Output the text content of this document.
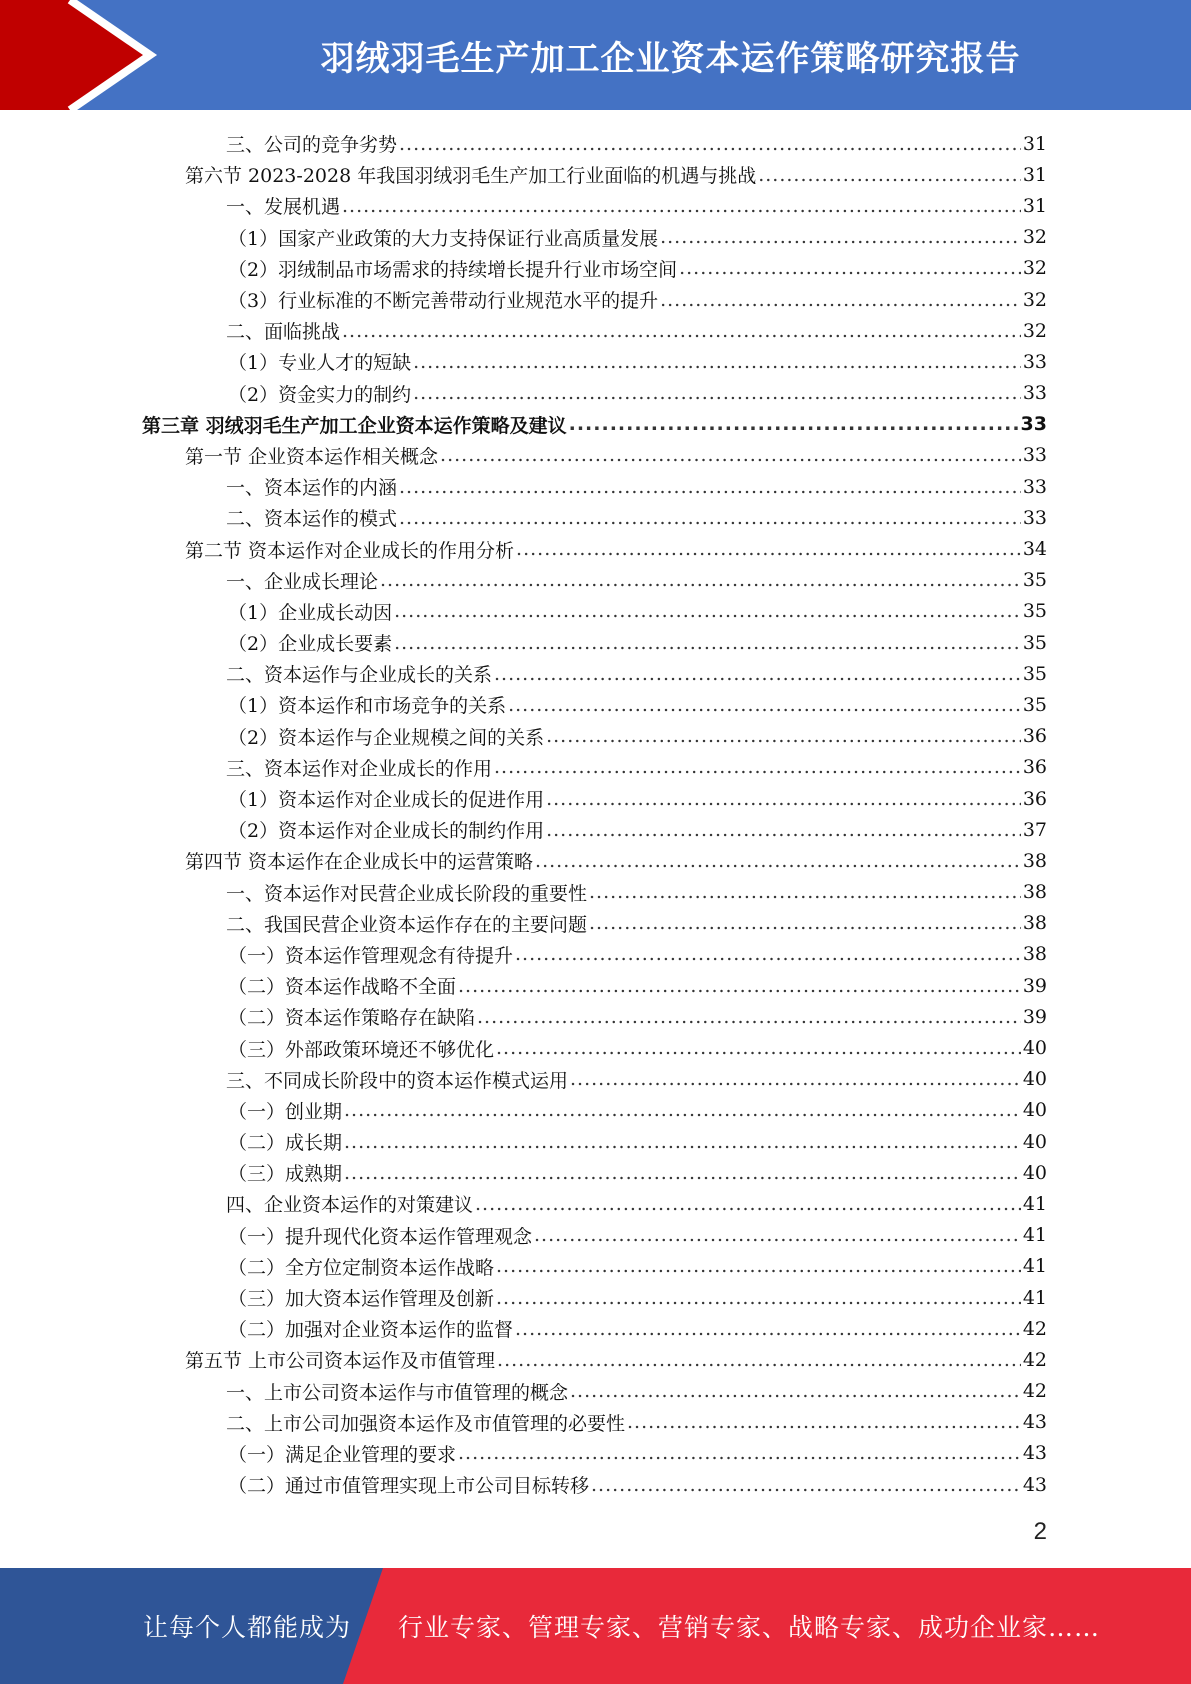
羽绒羽毛生产加工企业资本运作策略研究报告
三、公司的竞争劣势 .....	31
第六节 2023-2028 年我国羽绒羽毛生产加工行业面临的机遇与挑战 .....	31
一、发展机遇 .....	31
（1）国家产业政策的大力支持保证行业高质量发展 .....	32
（2）羽绒制品市场需求的持续增长提升行业市场空间 .....	32
（3）行业标准的不断完善带动行业规范水平的提升 .....	32
二、面临挑战 .....	32
（1）专业人才的短缺 .....	33
（2）资金实力的制约 .....	33
第三章 羽绒羽毛生产加工企业资本运作策略及建议 .....	33
第一节 企业资本运作相关概念 .....	33
一、资本运作的内涵 .....	33
二、资本运作的模式 .....	33
第二节 资本运作对企业成长的作用分析 .....	34
一、企业成长理论 .....	35
（1）企业成长动因 .....	35
（2）企业成长要素 .....	35
二、资本运作与企业成长的关系 .....	35
（1）资本运作和市场竞争的关系 .....	35
（2）资本运作与企业规模之间的关系 .....	36
三、资本运作对企业成长的作用 .....	36
（1）资本运作对企业成长的促进作用 .....	36
（2）资本运作对企业成长的制约作用 .....	37
第四节 资本运作在企业成长中的运营策略 .....	38
一、资本运作对民营企业成长阶段的重要性 .....	38
二、我国民营企业资本运作存在的主要问题 .....	38
（一）资本运作管理观念有待提升 .....	38
（二）资本运作战略不全面 .....	39
（二）资本运作策略存在缺陷 .....	39
（三）外部政策环境还不够优化 .....	40
三、不同成长阶段中的资本运作模式运用 .....	40
（一）创业期 .....	40
（二）成长期 .....	40
（三）成熟期 .....	40
四、企业资本运作的对策建议 .....	41
（一）提升现代化资本运作管理观念 .....	41
（二）全方位定制资本运作战略 .....	41
（三）加大资本运作管理及创新 .....	41
（二）加强对企业资本运作的监督 .....	42
第五节 上市公司资本运作及市值管理 .....	42
一、上市公司资本运作与市值管理的概念 .....	42
二、上市公司加强资本运作及市值管理的必要性 .....	43
（一）满足企业管理的要求 .....	43
（二）通过市值管理实现上市公司目标转移 .....	43
2
让每个人都能成为 行业专家、管理专家、营销专家、战略专家、成功企业家……
